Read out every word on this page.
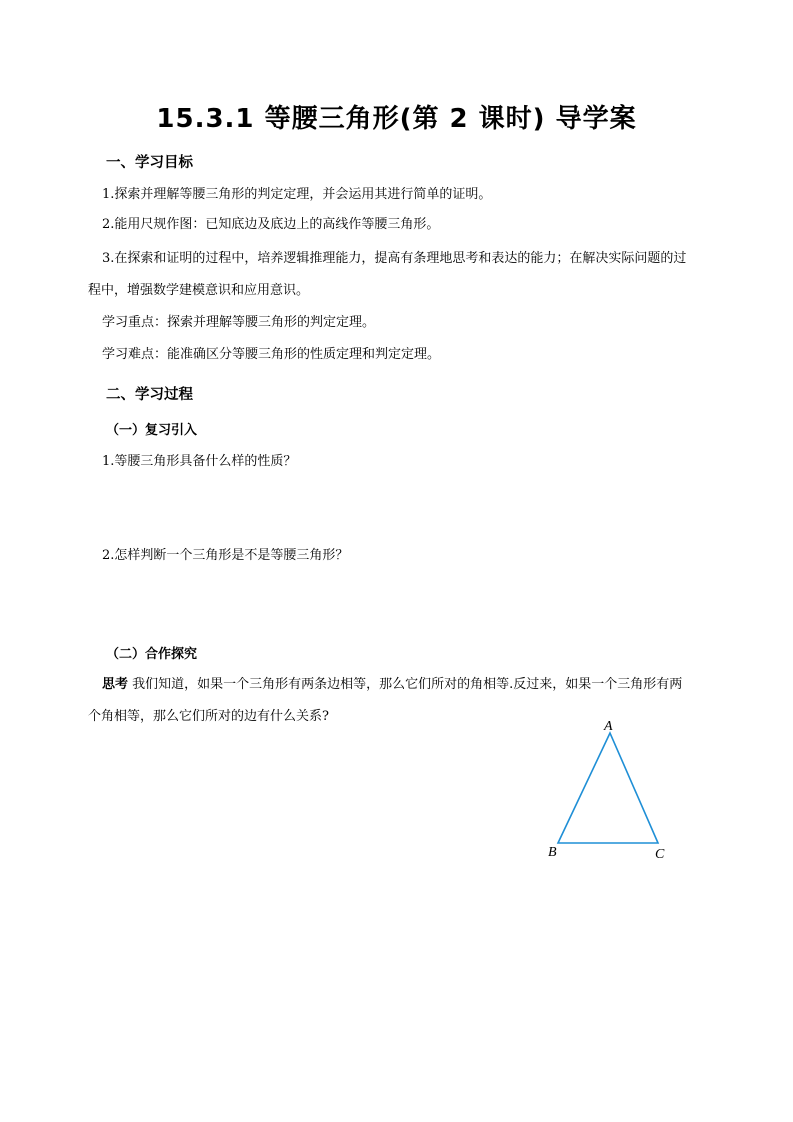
15.3.1 等腰三角形(第 2 课时) 导学案
一、学习目标
1.探索并理解等腰三角形的判定定理，并会运用其进行简单的证明。
2.能用尺规作图：已知底边及底边上的高线作等腰三角形。
3.在探索和证明的过程中，培养逻辑推理能力，提高有条理地思考和表达的能力；在解决实际问题的过
程中，增强数学建模意识和应用意识。
学习重点：探索并理解等腰三角形的判定定理。
学习难点：能准确区分等腰三角形的性质定理和判定定理。
二、学习过程
（一）复习引入
1.等腰三角形具备什么样的性质？
2.怎样判断一个三角形是不是等腰三角形？
（二）合作探究
思考 我们知道，如果一个三角形有两条边相等，那么它们所对的角相等.反过来，如果一个三角形有两
个角相等，那么它们所对的边有什么关系?
A
B	C
